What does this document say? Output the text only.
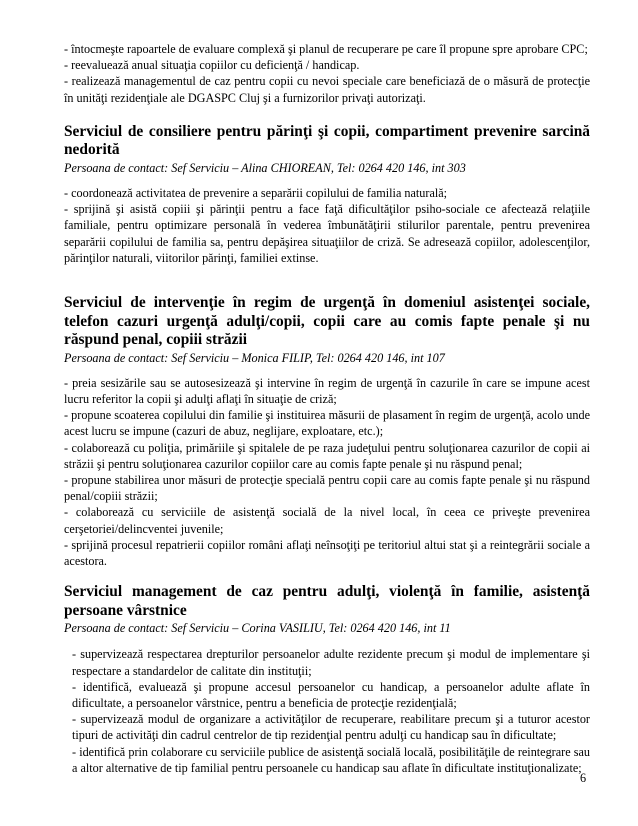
- întocmeşte rapoartele de evaluare complexă şi planul de recuperare pe care îl propune spre aprobare CPC;

- reevaluează anual situaţia copiilor cu deficienţă / handicap.

- realizează managementul de caz pentru copii cu nevoi speciale care beneficiază de o măsură de protecţie în unităţi rezidenţiale ale DGASPC Cluj şi a furnizorilor privaţi autorizaţi.

Serviciul de consiliere pentru părinţi şi copii, compartiment prevenire sarcină nedorită

Persoana de contact: Sef Serviciu – Alina CHIOREAN, Tel: 0264 420 146, int 303

- coordonează activitatea de prevenire a separării copilului de familia naturală;

- sprijină şi asistă copiii şi părinţii pentru a face faţă dificultăţilor psiho-sociale ce afectează relaţiile familiale, pentru optimizare personală în vederea îmbunătăţirii stilurilor parentale, pentru prevenirea separării copilului de familia sa, pentru depăşirea situaţiilor de criză. Se adresează copiilor, adolescenţilor, părinţilor naturali, viitorilor părinţi, familiei extinse.

Serviciul de intervenţie în regim de urgenţă în domeniul asistenţei sociale, telefon cazuri urgenţă adulţi/copii, copii care au comis fapte penale şi nu răspund penal, copiii străzii

Persoana de contact: Sef Serviciu – Monica FILIP, Tel: 0264 420 146, int 107

- preia sesizările sau se autosesizează şi intervine în regim de urgenţă în cazurile în care se impune acest lucru referitor la copii şi adulţi aflaţi în situaţie de criză;

- propune scoaterea copilului din familie şi instituirea măsurii de plasament în regim de urgenţă, acolo unde acest lucru se impune (cazuri de abuz, neglijare, exploatare, etc.);

- colaborează cu poliţia, primăriile şi spitalele de pe raza judeţului pentru soluţionarea cazurilor de copii ai străzii şi pentru soluţionarea cazurilor copiilor care au comis fapte penale şi nu răspund penal;

- propune stabilirea unor măsuri de protecţie specială pentru copii care au comis fapte penale şi nu răspund penal/copiii străzii;

- colaborează cu serviciile de asistenţă socială de la nivel local, în ceea ce priveşte prevenirea cerşetoriei/delincventei juvenile;

- sprijină procesul repatrierii copiilor români aflaţi neînsoţiţi pe teritoriul altui stat şi a reintegrării sociale a acestora.

Serviciul management de caz pentru adulţi, violenţă în familie, asistenţă persoane vârstnice

Persoana de contact: Sef Serviciu – Corina VASILIU, Tel: 0264 420 146, int 11

- supervizează respectarea drepturilor persoanelor adulte rezidente precum şi modul de implementare şi respectare a standardelor de calitate din instituţii;

- identifică, evaluează şi propune accesul persoanelor cu handicap, a persoanelor adulte aflate în dificultate, a persoanelor vârstnice, pentru a beneficia de protecţie rezidenţială;

- supervizează modul de organizare a activităţilor de recuperare, reabilitare precum şi a tuturor acestor tipuri de activităţi din cadrul centrelor de tip rezidenţial pentru adulţi cu handicap sau în dificultate;

- identifică prin colaborare cu serviciile publice de asistenţă socială locală, posibilităţile de reintegrare sau a altor alternative de tip familial pentru persoanele cu handicap sau aflate în dificultate instituţionalizate;

6
